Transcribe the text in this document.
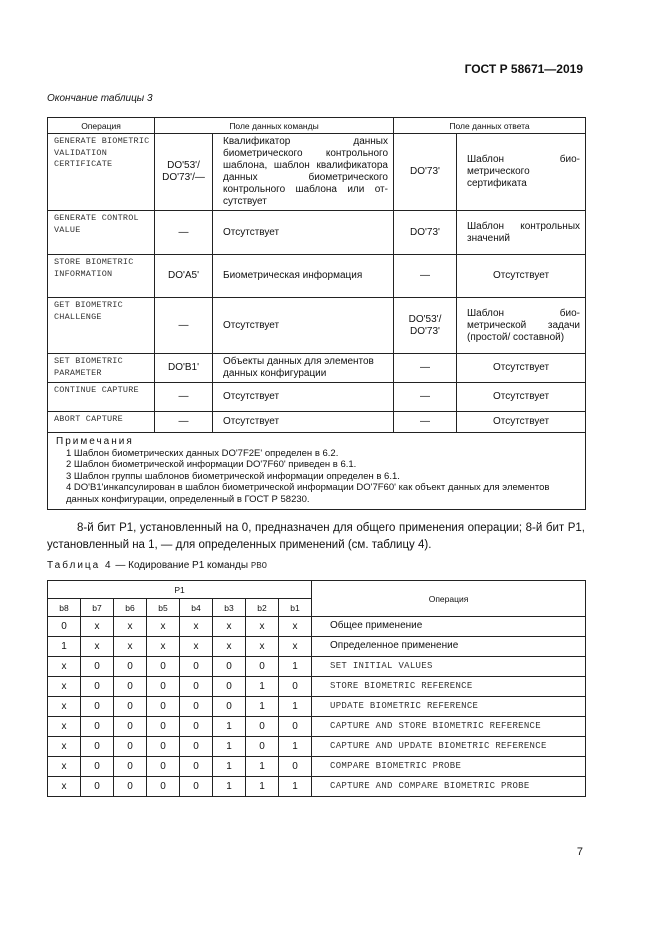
ГОСТ Р 58671—2019
Окончание таблицы 3
Операция	Поле данных команды		Поле данных ответа	
GENERATE BIOMETRIC VALIDATION CERTIFICATE	DO'53'/ DO'73'/—	Квалификатор данных биометрического контрольного шаблона, шаблон квалификатора данных биометрического контрольного шаблона или отсутствует	DO'73'	Шаблон биометрического сертификата
GENERATE CONTROL VALUE	—	Отсутствует	DO'73'	Шаблон контрольных значений
STORE BIOMETRIC INFORMATION	DO'A5'	Биометрическая информация	—	Отсутствует
GET BIOMETRIC CHALLENGE	—	Отсутствует	DO'53'/ DO'73'	Шаблон биометрической задачи (простой/ составной)
SET BIOMETRIC PARAMETER	DO'B1'	Объекты данных для элементов данных конфигурации	—	Отсутствует
CONTINUE CAPTURE	—	Отсутствует	—	Отсутствует
ABORT CAPTURE	—	Отсутствует	—	Отсутствует

Примечания
1 Шаблон биометрических данных DO'7F2E' определен в 6.2.
2 Шаблон биометрической информации DO'7F60' приведен в 6.1.
3 Шаблон группы шаблонов биометрической информации определен в 6.1.
4 DO'B1'инкапсулирован в шаблон биометрической информации DO'7F60' как объект данных для элементов данных конфигурации, определенный в ГОСТ Р 58230.				
8-й бит Р1, установленный на 0, предназначен для общего применения операции; 8-й бит Р1, установленный на 1, — для определенных применений (см. таблицу 4).
Таблица 4 — Кодирование Р1 команды PBO
Р1								Операция
b8	b7	b6	b5	b4	b3	b2	b1	
0	x	x	x	x	x	x	x	Общее применение
1	x	x	x	x	x	x	x	Определенное применение
x	0	0	0	0	0	0	1	SET INITIAL VALUES
x	0	0	0	0	0	1	0	STORE BIOMETRIC REFERENCE
x	0	0	0	0	0	1	1	UPDATE BIOMETRIC REFERENCE
x	0	0	0	0	1	0	0	CAPTURE AND STORE BIOMETRIC REFERENCE
x	0	0	0	0	1	0	1	CAPTURE AND UPDATE BIOMETRIC REFERENCE
x	0	0	0	0	1	1	0	COMPARE BIOMETRIC PROBE
x	0	0	0	0	1	1	1	CAPTURE AND COMPARE BIOMETRIC PROBE
7
